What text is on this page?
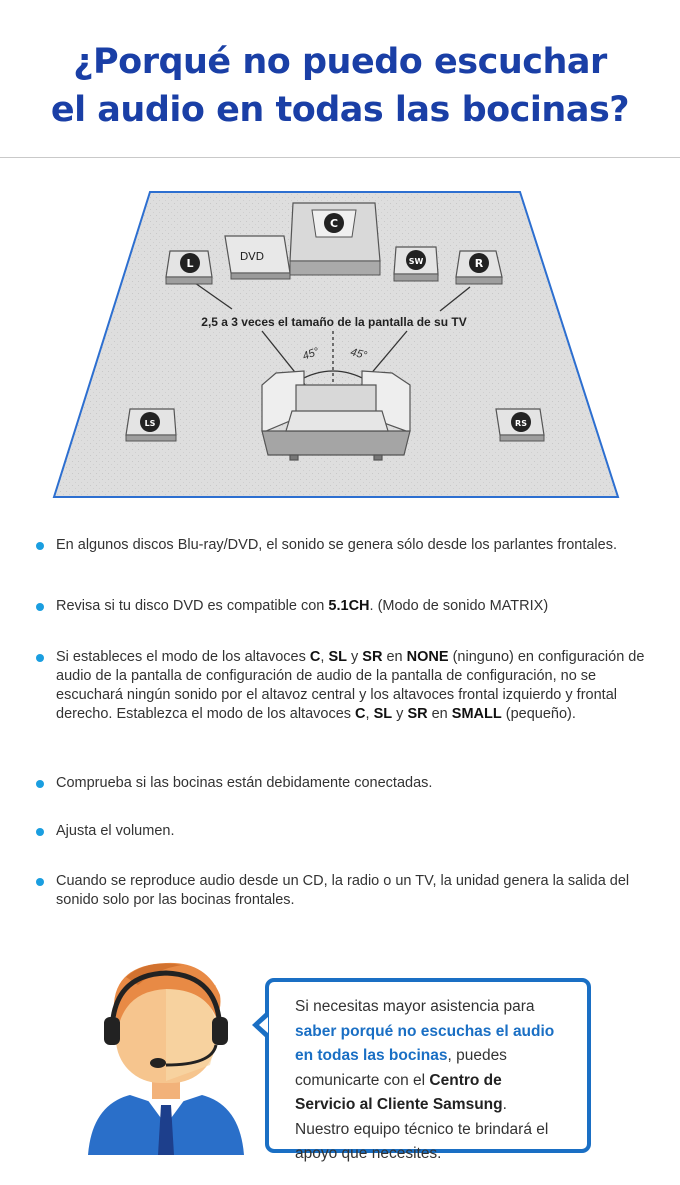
¿Porqué no puedo escuchar
el audio en todas las bocinas?
DVD
C
L	SW	R
LS	RS
2,5 a 3 veces el tamaño de la pantalla de su TV
45°	45°
En algunos discos Blu-ray/DVD, el sonido se genera sólo desde los parlantes frontales.
Revisa si tu disco DVD es compatible con 5.1CH. (Modo de sonido MATRIX)
Si estableces el modo de los altavoces C, SL y SR en NONE (ninguno) en configuración de audio de la pantalla de configuración de audio de la pantalla de configuración, no se escuchará ningún sonido por el altavoz central y los altavoces frontal izquierdo y frontal derecho. Establezca el modo de los altavoces C, SL y SR en SMALL (pequeño).
Comprueba si las bocinas están debidamente conectadas.
Ajusta el volumen.
Cuando se reproduce audio desde un CD, la radio o un TV, la unidad genera la salida del sonido solo por las bocinas frontales.
Si necesitas mayor asistencia para saber porqué no escuchas el audio en todas las bocinas, puedes comunicarte con el Centro de Servicio al Cliente Samsung. Nuestro equipo técnico te brindará el apoyo que necesites.
